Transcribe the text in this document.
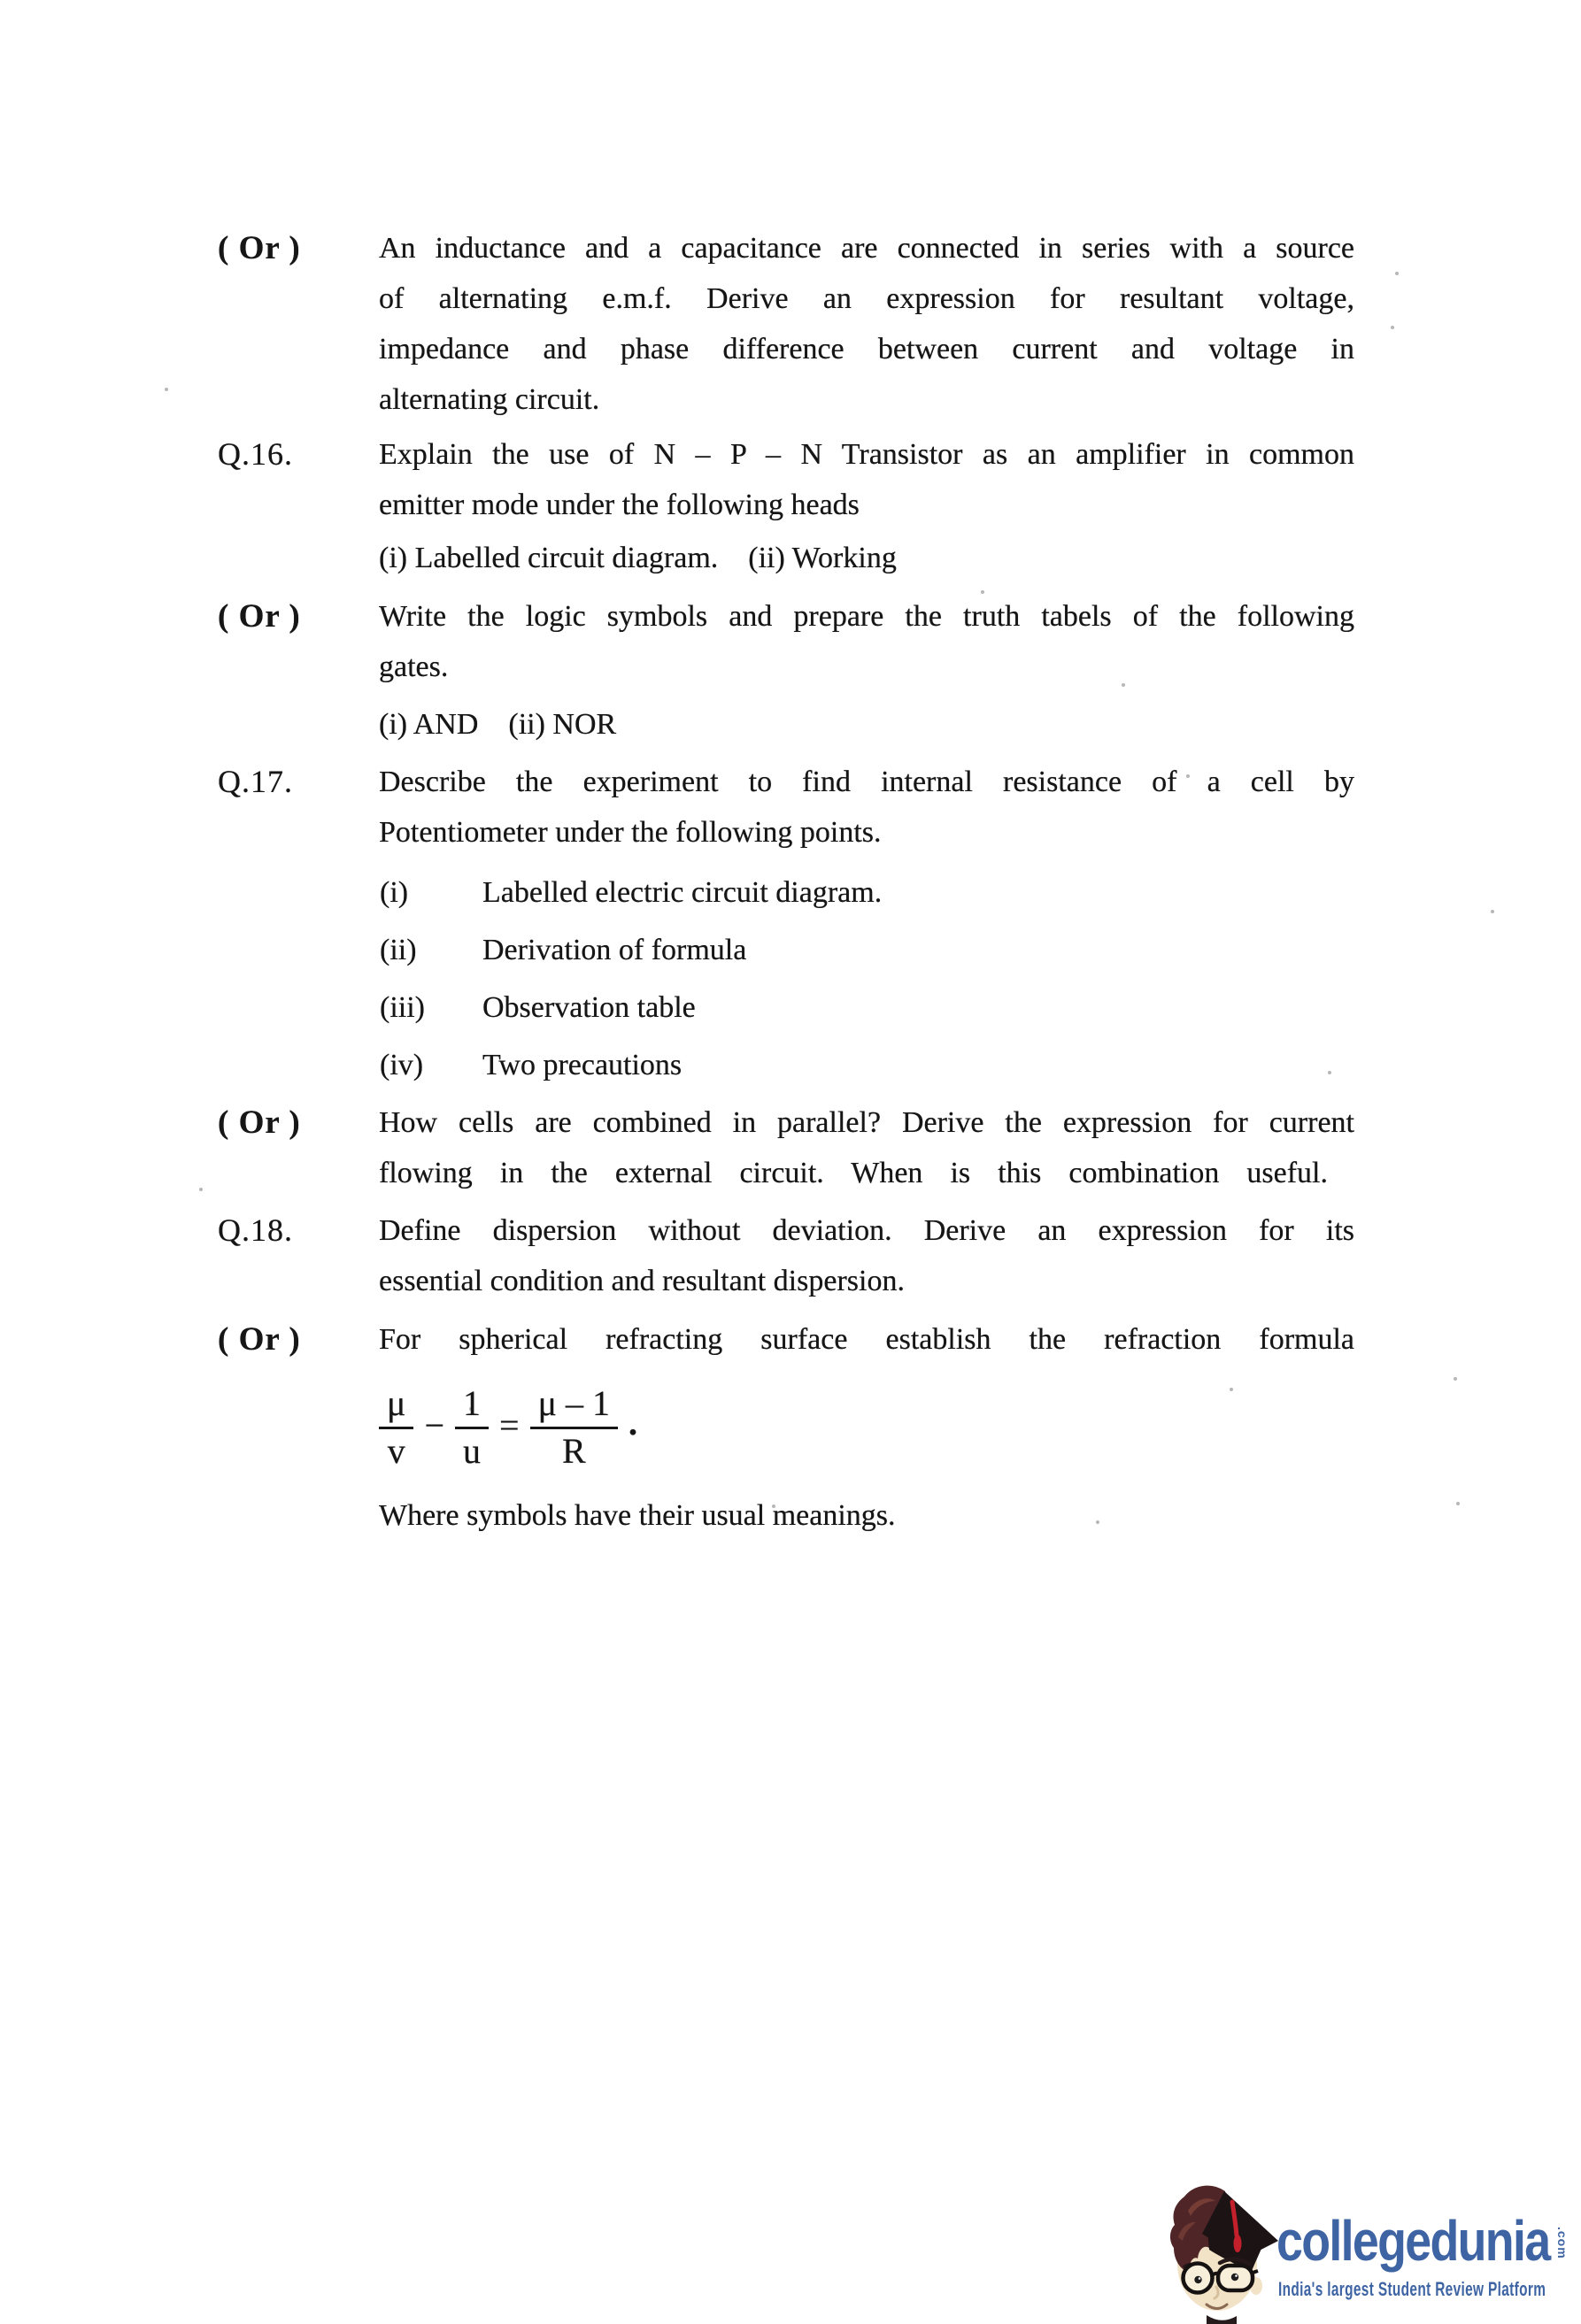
( Or )	An inductance and a capacitance are connected in series with a source
of alternating e.m.f. Derive an expression for resultant voltage,
impedance and phase difference between current and voltage in
alternating circuit.
Q.16.	Explain the use of N – P – N Transistor as an amplifier in common
emitter mode under the following heads
(i) Labelled circuit diagram. (ii) Working
( Or )	Write the logic symbols and prepare the truth tabels of the following
gates.
(i) AND (ii) NOR
Q.17.	Describe the experiment to find internal resistance of a cell by
Potentiometer under the following points.
(i)	Labelled electric circuit diagram.
(ii)	Derivation of formula
(iii)	Observation table
(iv)	Two precautions
( Or )	How cells are combined in parallel? Derive the expression for current
flowing in the external circuit. When is this combination useful.
Q.18.	Define dispersion without deviation. Derive an expression for its
essential condition and resultant dispersion.
( Or )	For spherical refracting surface establish the refraction formula
Where symbols have their usual meanings.
$\frac{\mu}{v} - \frac{1}{u} = \frac{\mu - 1}{R}$ .
collegedunia .com
India's largest Student Review Platform
